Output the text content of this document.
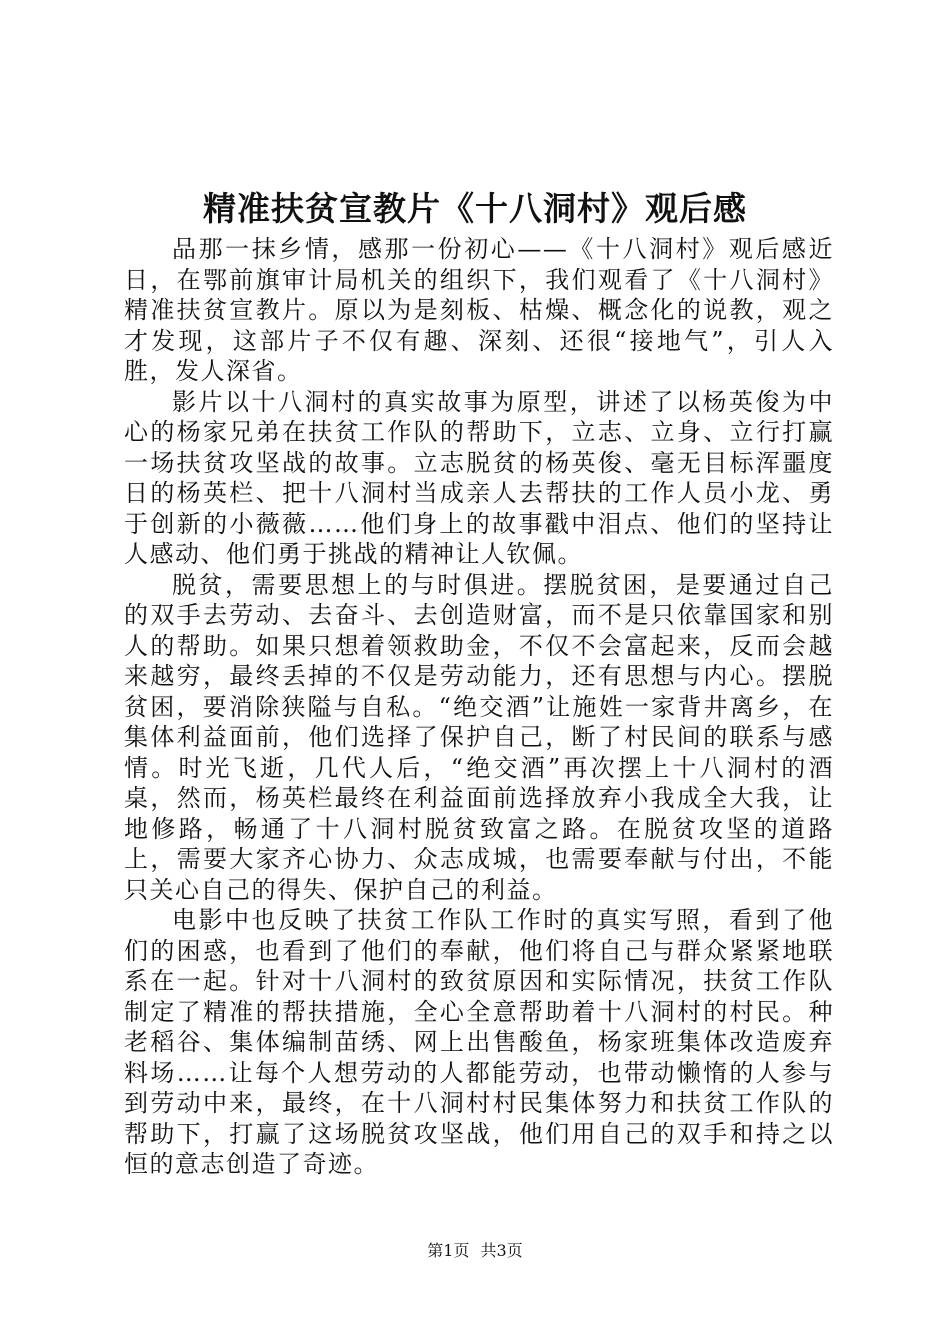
精准扶贫宣教片《十八洞村》观后感

品那一抹乡情，感那一份初心——《十八洞村》观后感近日，在鄂前旗审计局机关的组织下，我们观看了《十八洞村》精准扶贫宣教片。原以为是刻板、枯燥、概念化的说教，观之才发现，这部片子不仅有趣、深刻、还很“接地气”，引人入胜，发人深省。

影片以十八洞村的真实故事为原型，讲述了以杨英俊为中心的杨家兄弟在扶贫工作队的帮助下，立志、立身、立行打赢一场扶贫攻坚战的故事。立志脱贫的杨英俊、毫无目标浑噩度日的杨英栏、把十八洞村当成亲人去帮扶的工作人员小龙、勇于创新的小薇薇……他们身上的故事戳中泪点、他们的坚持让人感动、他们勇于挑战的精神让人钦佩。

脱贫，需要思想上的与时俱进。摆脱贫困，是要通过自己的双手去劳动、去奋斗、去创造财富，而不是只依靠国家和别人的帮助。如果只想着领救助金，不仅不会富起来，反而会越来越穷，最终丢掉的不仅是劳动能力，还有思想与内心。摆脱贫困，要消除狭隘与自私。“绝交酒”让施姓一家背井离乡，在集体利益面前，他们选择了保护自己，断了村民间的联系与感情。时光飞逝，几代人后，“绝交酒”再次摆上十八洞村的酒桌，然而，杨英栏最终在利益面前选择放弃小我成全大我，让地修路，畅通了十八洞村脱贫致富之路。在脱贫攻坚的道路上，需要大家齐心协力、众志成城，也需要奉献与付出，不能只关心自己的得失、保护自己的利益。

电影中也反映了扶贫工作队工作时的真实写照，看到了他们的困惑，也看到了他们的奉献，他们将自己与群众紧紧地联系在一起。针对十八洞村的致贫原因和实际情况，扶贫工作队制定了精准的帮扶措施，全心全意帮助着十八洞村的村民。种老稻谷、集体编制苗绣、网上出售酸鱼，杨家班集体改造废弃料场……让每个人想劳动的人都能劳动，也带动懒惰的人参与到劳动中来，最终，在十八洞村村民集体努力和扶贫工作队的帮助下，打赢了这场脱贫攻坚战，他们用自己的双手和持之以恒的意志创造了奇迹。

第1页 共3页
